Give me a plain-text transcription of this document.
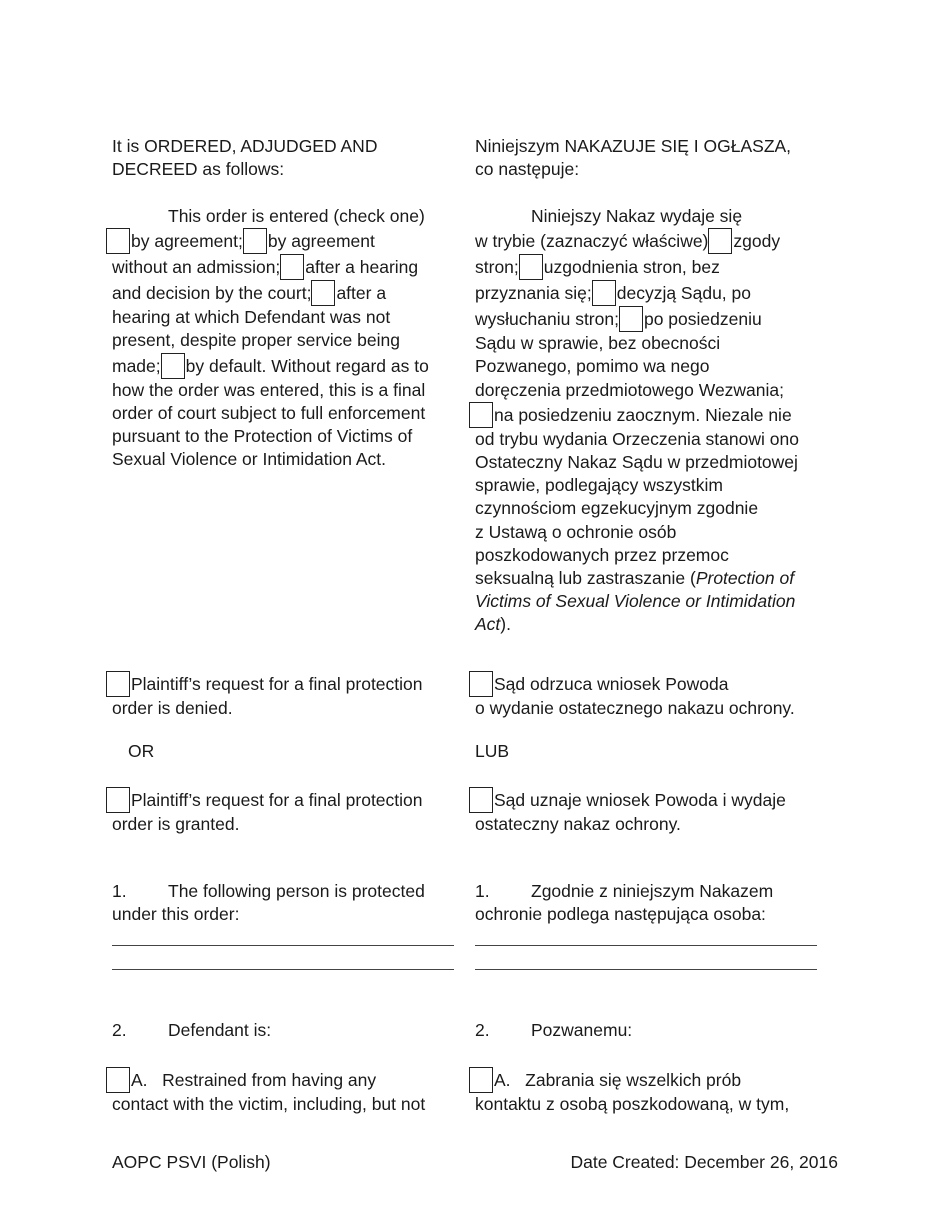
It is ORDERED, ADJUDGED AND
DECREED as follows:
Niniejszym NAKAZUJE SIĘ I OGŁASZA,
co następuje:
This order is entered (check one)
by agreement; by agreement
without an admission; after a hearing
and decision by the court; after a
hearing at which Defendant was not
present, despite proper service being
made; by default. Without regard as to
how the order was entered, this is a final
order of court subject to full enforcement
pursuant to the Protection of Victims of
Sexual Violence or Intimidation Act.
Niniejszy Nakaz wydaje się
w trybie (zaznaczyć właściwe) zgody
stron; uzgodnienia stron, bez
przyznania się; decyzją Sądu, po
wysłuchaniu stron; po posiedzeniu
Sądu w sprawie, bez obecności
Pozwanego, pomimo wa nego
doręczenia przedmiotowego Wezwania;
na posiedzeniu zaocznym. Niezale nie
od trybu wydania Orzeczenia stanowi ono
Ostateczny Nakaz Sądu w przedmiotowej
sprawie, podlegający wszystkim
czynnościom egzekucyjnym zgodnie
z Ustawą o ochronie osób
poszkodowanych przez przemoc
seksualną lub zastraszanie (Protection of
Victims of Sexual Violence or Intimidation
Act).
Plaintiff’s request for a final protection
order is denied.
Sąd odrzuca wniosek Powoda
o wydanie ostatecznego nakazu ochrony.
OR	LUB
Plaintiff’s request for a final protection
order is granted.
Sąd uznaje wniosek Powoda i wydaje
ostateczny nakaz ochrony.
1. The following person is protected
under this order:
1. Zgodnie z niniejszym Nakazem
ochronie podlega następująca osoba:
2. Defendant is:	2. Pozwanemu:
A. Restrained from having any
contact with the victim, including, but not
A. Zabrania się wszelkich prób
kontaktu z osobą poszkodowaną, w tym,
AOPC PSVI (Polish)	Date Created: December 26, 2016
